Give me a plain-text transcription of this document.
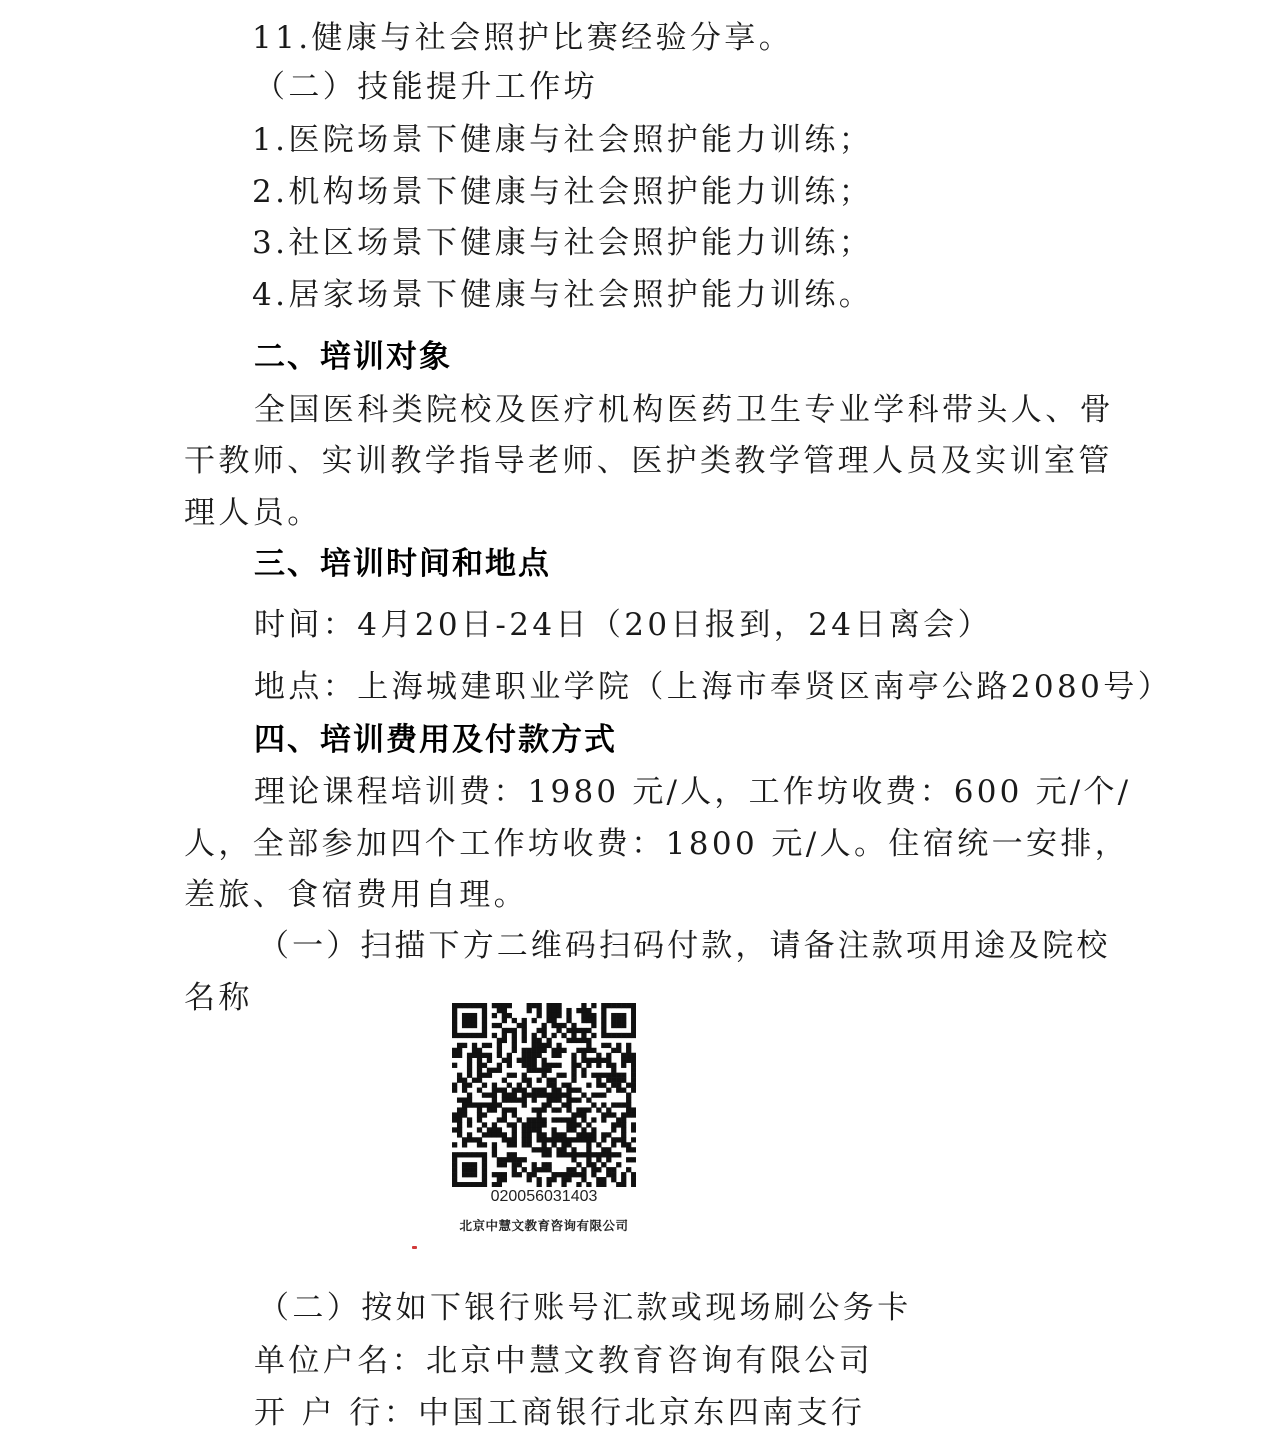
11.健康与社会照护比赛经验分享。

（二）技能提升工作坊

1.医院场景下健康与社会照护能力训练；

2.机构场景下健康与社会照护能力训练；

3.社区场景下健康与社会照护能力训练；

4.居家场景下健康与社会照护能力训练。

二、培训对象

全国医科类院校及医疗机构医药卫生专业学科带头人、骨

干教师、实训教学指导老师、医护类教学管理人员及实训室管

理人员。

三、培训时间和地点

时间：4月20日-24日（20日报到，24日离会）

地点：上海城建职业学院（上海市奉贤区南亭公路2080号）

四、培训费用及付款方式

理论课程培训费：1980 元/人，工作坊收费：600 元/个/

人，全部参加四个工作坊收费：1800 元/人。住宿统一安排，

差旅、食宿费用自理。

（一）扫描下方二维码扫码付款，请备注款项用途及院校

名称

020056031403
北京中慧文教育咨询有限公司

（二）按如下银行账号汇款或现场刷公务卡

单位户名：北京中慧文教育咨询有限公司

开 户 行：中国工商银行北京东四南支行
